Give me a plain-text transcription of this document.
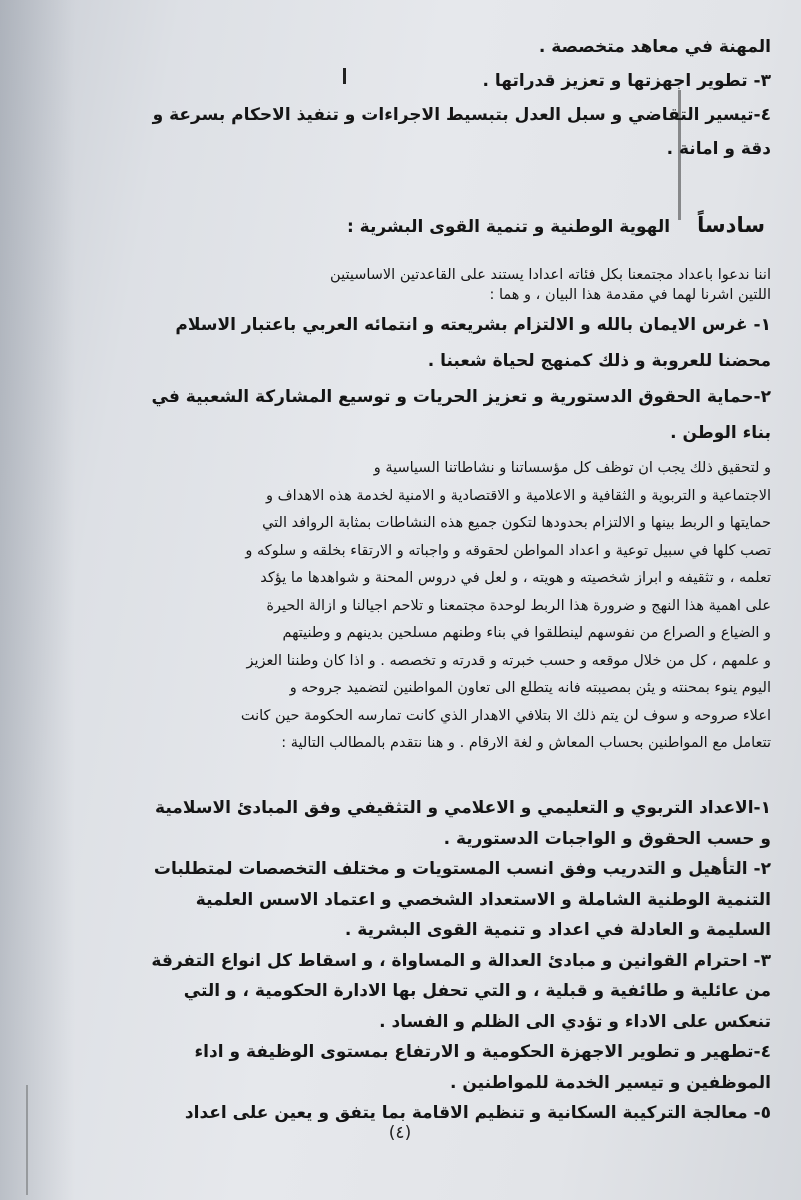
المهنة في معاهد متخصصة .
٣- تطوير اجهزتها و تعزيز قدراتها .
٤-تيسير التقاضي و سبل العدل بتبسيط الاجراءات و تنفيذ الاحكام بسرعة و
دقة و امانة .
سادساً الهوية الوطنية و تنمية القوى البشرية :
اننا ندعوا باعداد مجتمعنا بكل فئاته اعدادا يستند على القاعدتين الاساسيتين
اللتين اشرنا لهما في مقدمة هذا البيان ، و هما :
١- غرس الايمان بالله و الالتزام بشريعته و انتمائه العربي باعتبار الاسلام
محضنا للعروبة و ذلك كمنهج لحياة شعبنا .
٢-حماية الحقوق الدستورية و تعزيز الحريات و توسيع المشاركة الشعبية في
بناء الوطن .
و لتحقيق ذلك يجب ان توظف كل مؤسساتنا و نشاطاتنا السياسية و
الاجتماعية و التربوية و الثقافية و الاعلامية و الاقتصادية و الامنية لخدمة هذه الاهداف و
حمايتها و الربط بينها و الالتزام بحدودها لتكون جميع هذه النشاطات بمثابة الروافد التي
تصب كلها في سبيل توعية و اعداد المواطن لحقوقه و واجباته و الارتقاء بخلقه و سلوكه و
تعلمه ، و تثقيفه و ابراز شخصيته و هويته ، و لعل في دروس المحنة و شواهدها ما يؤكد
على اهمية هذا النهج و ضرورة هذا الربط لوحدة مجتمعنا و تلاحم اجيالنا و ازالة الحيرة
و الضياع و الصراع من نفوسهم لينطلقوا في بناء وطنهم مسلحين بدينهم و وطنيتهم
و علمهم ، كل من خلال موقعه و حسب خبرته و قدرته و تخصصه . و اذا كان وطننا العزيز
اليوم ينوء بمحنته و يئن بمصيبته فانه يتطلع الى تعاون المواطنين لتضميد جروحه و
اعلاء صروحه و سوف لن يتم ذلك الا بتلافي الاهدار الذي كانت تمارسه الحكومة حين كانت
تتعامل مع المواطنين بحساب المعاش و لغة الارقام . و هنا نتقدم بالمطالب التالية :
١-الاعداد التربوي و التعليمي و الاعلامي و التثقيفي وفق المبادئ الاسلامية
و حسب الحقوق و الواجبات الدستورية .
٢- التأهيل و التدريب وفق انسب المستويات و مختلف التخصصات لمتطلبات
التنمية الوطنية الشاملة و الاستعداد الشخصي و اعتماد الاسس العلمية
السليمة و العادلة في اعداد و تنمية القوى البشرية .
٣- احترام القوانين و مبادئ العدالة و المساواة ، و اسقاط كل انواع التفرقة
من عائلية و طائفية و قبلية ، و التي تحفل بها الادارة الحكومية ، و التي
تنعكس على الاداء و تؤدي الى الظلم و الفساد .
٤-تطهير و تطوير الاجهزة الحكومية و الارتفاع بمستوى الوظيفة و اداء
الموظفين و تيسير الخدمة للمواطنين .
٥- معالجة التركيبة السكانية و تنظيم الاقامة بما يتفق و يعين على اعداد
(٤)
